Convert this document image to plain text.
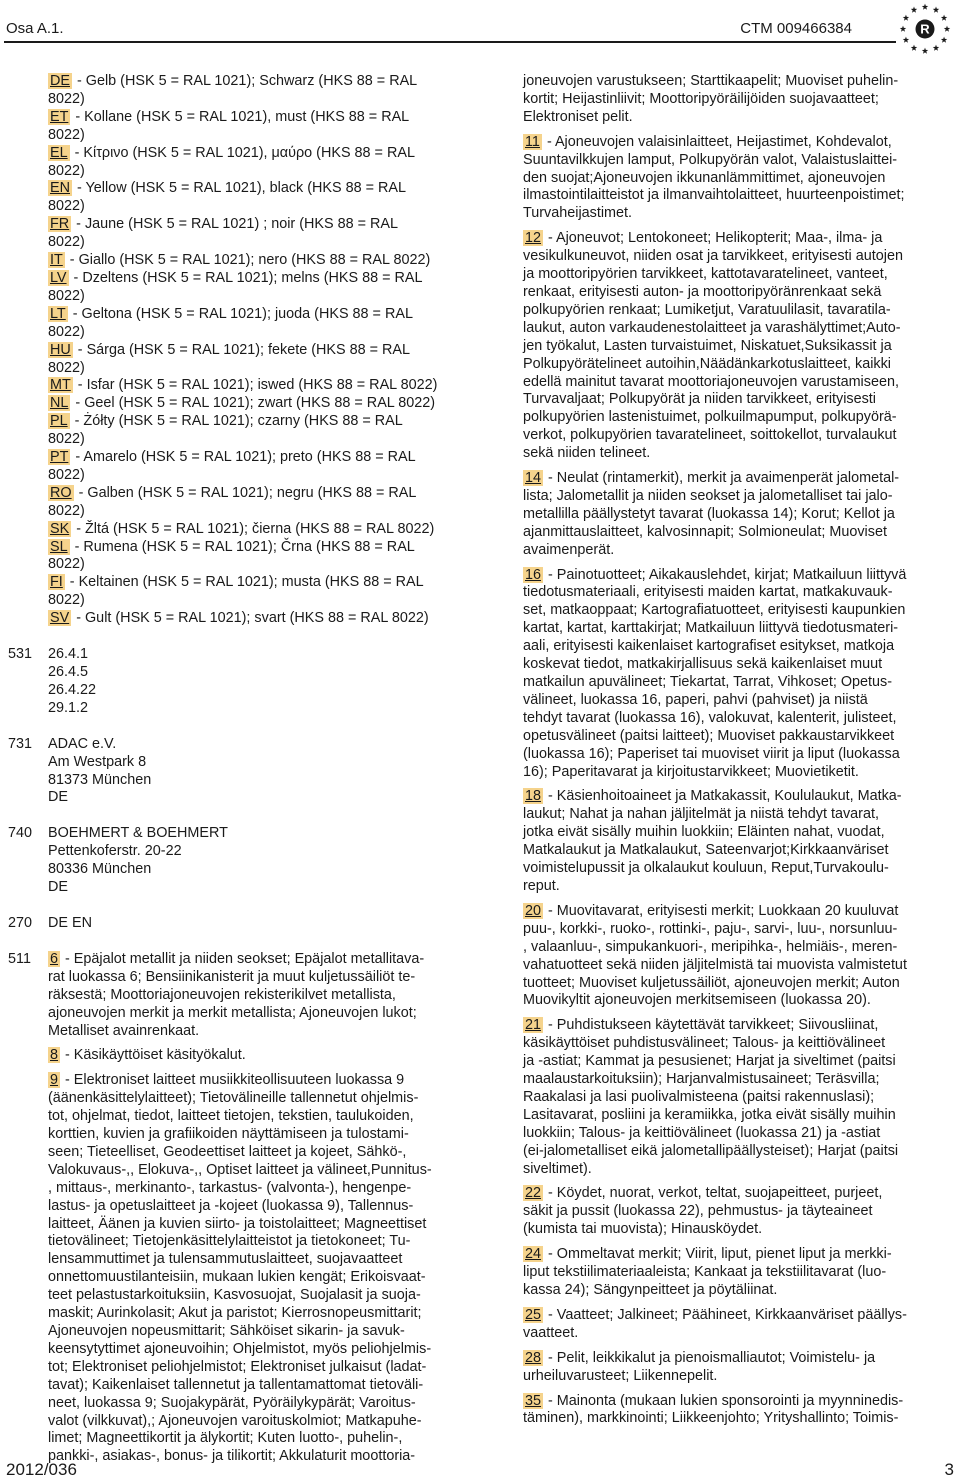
Osa A.1.	CTM 009466384	R
DE - Gelb (HSK 5 = RAL 1021); Schwarz (HKS 88 = RAL
8022)
ET - Kollane (HSK 5 = RAL 1021), must (HKS 88 = RAL
8022)
EL - Κίτρινο (HSK 5 = RAL 1021), μαύρο (HKS 88 = RAL
8022)
EN - Yellow (HSK 5 = RAL 1021), black (HKS 88 = RAL
8022)
FR - Jaune (HSK 5 = RAL 1021) ; noir (HKS 88 = RAL
8022)
IT - Giallo (HSK 5 = RAL 1021); nero (HKS 88 = RAL 8022)
LV - Dzeltens (HSK 5 = RAL 1021); melns (HKS 88 = RAL
8022)
LT - Geltona (HSK 5 = RAL 1021); juoda (HKS 88 = RAL
8022)
HU - Sárga (HSK 5 = RAL 1021); fekete (HKS 88 = RAL
8022)
MT - Isfar (HSK 5 = RAL 1021); iswed (HKS 88 = RAL 8022)
NL - Geel (HSK 5 = RAL 1021); zwart (HKS 88 = RAL 8022)
PL - Żółty (HSK 5 = RAL 1021); czarny (HKS 88 = RAL
8022)
PT - Amarelo (HSK 5 = RAL 1021); preto (HKS 88 = RAL
8022)
RO - Galben (HSK 5 = RAL 1021); negru (HKS 88 = RAL
8022)
SK - Žltá (HSK 5 = RAL 1021); čierna (HKS 88 = RAL 8022)
SL - Rumena (HSK 5 = RAL 1021); Črna (HKS 88 = RAL
8022)
FI - Keltainen (HSK 5 = RAL 1021); musta (HKS 88 = RAL
8022)
SV - Gult (HSK 5 = RAL 1021); svart (HKS 88 = RAL 8022)
531 26.4.1
26.4.5
26.4.22
29.1.2
731 ADAC e.V.
Am Westpark 8
81373 München
DE
740 BOEHMERT & BOEHMERT
Pettenkoferstr. 20-22
80336 München
DE
270 DE EN
511 6 - Epäjalot metallit ja niiden seokset; Epäjalot metallitava-
rat luokassa 6; Bensiinikanisterit ja muut kuljetussäiliöt te-
räksestä; Moottoriajoneuvojen rekisterikilvet metallista,
ajoneuvojen merkit ja merkit metallista; Ajoneuvojen lukot;
Metalliset avainrenkaat.
8 - Käsikäyttöiset käsityökalut.
9 - Elektroniset laitteet musiikkiteollisuuteen luokassa 9
(äänenkäsittelylaitteet); Tietovälineille tallennetut ohjelmis-
tot, ohjelmat, tiedot, laitteet tietojen, tekstien, taulukoiden,
korttien, kuvien ja grafiikoiden näyttämiseen ja tulostami-
seen; Tieteelliset, Geodeettiset laitteet ja kojeet, Sähkö-,
Valokuvaus-,, Elokuva-,, Optiset laitteet ja välineet,Punnitus-
, mittaus-, merkinanto-, tarkastus- (valvonta-), hengenpe-
lastus- ja opetuslaitteet ja -kojeet (luokassa 9), Tallennus-
laitteet, Äänen ja kuvien siirto- ja toistolaitteet; Magneettiset
tietovälineet; Tietojenkäsittelylaitteistot ja tietokoneet; Tu-
lensammuttimet ja tulensammutuslaitteet, suojavaatteet
onnettomuustilanteisiin, mukaan lukien kengät; Erikoisvaat-
teet pelastustarkoituksiin, Kasvosuojat, Suojalasit ja suoja-
maskit; Aurinkolasit; Akut ja paristot; Kierrosnopeusmittarit;
Ajoneuvojen nopeusmittarit; Sähköiset sikarin- ja savuk-
keensytyttimet ajoneuvoihin; Ohjelmistot, myös peliohjelmis-
tot; Elektroniset peliohjelmistot; Elektroniset julkaisut (ladat-
tavat); Kaikenlaiset tallennetut ja tallentamattomat tietoväli-
neet, luokassa 9; Suojakypärät, Pyöräilykypärät; Varoitus-
valot (vilkkuvat),; Ajoneuvojen varoituskolmiot; Matkapuhe-
limet; Magneettikortit ja älykortit; Kuten luotto-, puhelin-,
pankki-, asiakas-, bonus- ja tilikortit; Akkulaturit moottoria-
joneuvojen varustukseen; Starttikaapelit; Muoviset puhelin-
kortit; Heijastinliivit; Moottoripyöräilijöiden suojavaatteet;
Elektroniset pelit.
11 - Ajoneuvojen valaisinlaitteet, Heijastimet, Kohdevalot,
Suuntavilkkujen lamput, Polkupyörän valot, Valaistuslaittei-
den suojat;Ajoneuvojen ikkunanlämmittimet, ajoneuvojen
ilmastointilaitteistot ja ilmanvaihtolaitteet, huurteenpoistimet;
Turvaheijastimet.
12 - Ajoneuvot; Lentokoneet; Helikopterit; Maa-, ilma- ja
vesikulkuneuvot, niiden osat ja tarvikkeet, erityisesti autojen
ja moottoripyörien tarvikkeet, kattotavaratelineet, vanteet,
renkaat, erityisesti auton- ja moottoripyöränrenkaat sekä
polkupyörien renkaat; Lumiketjut, Varatuulilasit, tavaratila-
laukut, auton varkaudenestolaitteet ja varashälyttimet;Auto-
jen työkalut, Lasten turvaistuimet, Niskatuet,Suksikassit ja
Polkupyörätelineet autoihin,Näädänkarkotuslaitteet, kaikki
edellä mainitut tavarat moottoriajoneuvojen varustamiseen,
Turvavaljaat; Polkupyörät ja niiden tarvikkeet, erityisesti
polkupyörien lastenistuimet, polkuilmapumput, polkupyörä-
verkot, polkupyörien tavaratelineet, soittokellot, turvalaukut
sekä niiden telineet.
14 - Neulat (rintamerkit), merkit ja avaimenperät jalometal-
lista; Jalometallit ja niiden seokset ja jalometalliset tai jalo-
metallilla päällystetyt tavarat (luokassa 14); Korut; Kellot ja
ajanmittauslaitteet, kalvosinnapit; Solmioneulat; Muoviset
avaimenperät.
16 - Painotuotteet; Aikakauslehdet, kirjat; Matkailuun liittyvä
tiedotusmateriaali, erityisesti maiden kartat, matkakuvauk-
set, matkaoppaat; Kartografiatuotteet, erityisesti kaupunkien
kartat, kartat, karttakirjat; Matkailuun liittyvä tiedotusmateri-
aali, erityisesti kaikenlaiset kartografiset esitykset, matkoja
koskevat tiedot, matkakirjallisuus sekä kaikenlaiset muut
matkailun apuvälineet; Tiekartat, Tarrat, Vihkoset; Opetus-
välineet, luokassa 16, paperi, pahvi (pahviset) ja niistä
tehdyt tavarat (luokassa 16), valokuvat, kalenterit, julisteet,
opetusvälineet (paitsi laitteet); Muoviset pakkaustarvikkeet
(luokassa 16); Paperiset tai muoviset viirit ja liput (luokassa
16); Paperitavarat ja kirjoitustarvikkeet; Muovietiketit.
18 - Käsienhoitoaineet ja Matkakassit, Koululaukut, Matka-
laukut; Nahat ja nahan jäljitelmät ja niistä tehdyt tavarat,
jotka eivät sisälly muihin luokkiin; Eläinten nahat, vuodat,
Matkalaukut ja Matkalaukut, Sateenvarjot;Kirkkaanväriset
voimistelupussit ja olkalaukut kouluun, Reput,Turvakoulu-
reput.
20 - Muovitavarat, erityisesti merkit; Luokkaan 20 kuuluvat
puu-, korkki-, ruoko-, rottinki-, paju-, sarvi-, luu-, norsunluu-
, valaanluu-, simpukankuori-, meripihka-, helmiäis-, meren-
vahatuotteet sekä niiden jäljitelmistä tai muovista valmistetut
tuotteet; Muoviset kuljetussäiliöt, ajoneuvojen merkit; Auton
Muovikyltit ajoneuvojen merkitsemiseen (luokassa 20).
21 - Puhdistukseen käytettävät tarvikkeet; Siivousliinat,
käsikäyttöiset puhdistusvälineet; Talous- ja keittiövälineet
ja -astiat; Kammat ja pesusienet; Harjat ja siveltimet (paitsi
maalaustarkoituksiin); Harjanvalmistusaineet; Teräsvilla;
Raakalasi ja lasi puolivalmisteena (paitsi rakennuslasi);
Lasitavarat, posliini ja keramiikka, jotka eivät sisälly muihin
luokkiin; Talous- ja keittiövälineet (luokassa 21) ja -astiat
(ei-jalometalliset eikä jalometallipäällysteiset); Harjat (paitsi
siveltimet).
22 - Köydet, nuorat, verkot, teltat, suojapeitteet, purjeet,
säkit ja pussit (luokassa 22), pehmustus- ja täyteaineet
(kumista tai muovista); Hinausköydet.
24 - Ommeltavat merkit; Viirit, liput, pienet liput ja merkki-
liput tekstiilimateriaaleista; Kankaat ja tekstiilitavarat (luo-
kassa 24); Sängynpeitteet ja pöytäliinat.
25 - Vaatteet; Jalkineet; Päähineet, Kirkkaanväriset päällys-
vaatteet.
28 - Pelit, leikkikalut ja pienoismalliautot; Voimistelu- ja
urheiluvarusteet; Liikennepelit.
35 - Mainonta (mukaan lukien sponsorointi ja myynninedis-
täminen), markkinointi; Liikkeenjohto; Yrityshallinto; Toimis-
2012/036	3
